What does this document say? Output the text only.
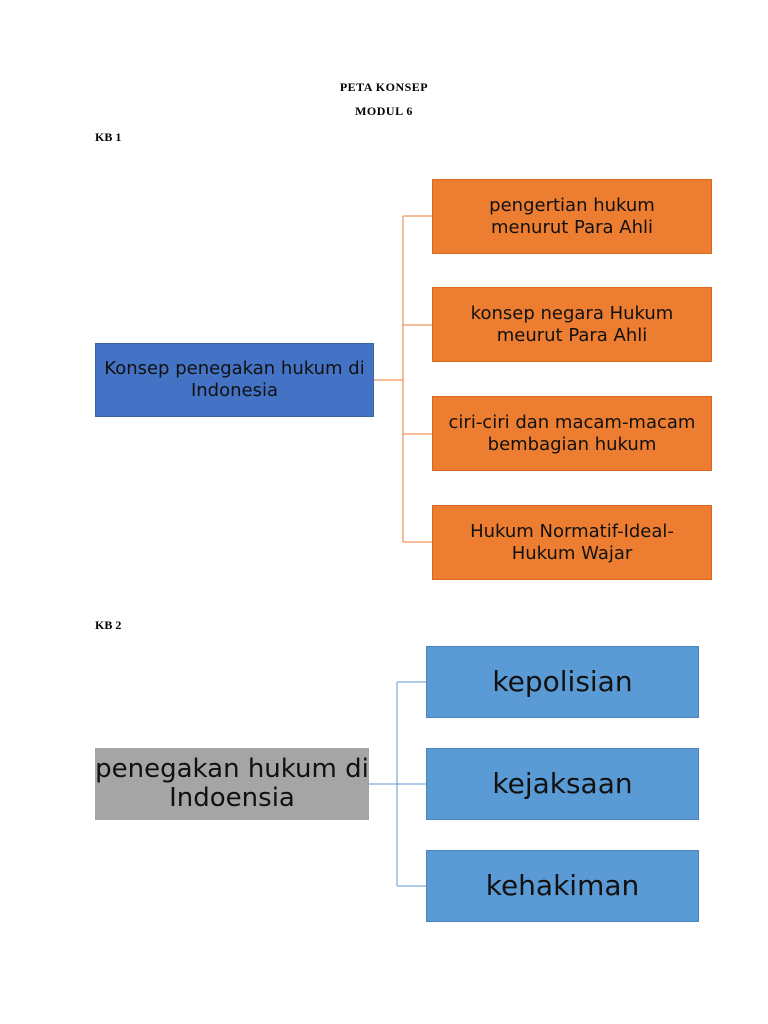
PETA KONSEP
MODUL 6
KB 1
Konsep penegakan hukum di Indonesia
pengertian hukum menurut Para Ahli
konsep negara Hukum meurut Para Ahli
ciri-ciri dan macam-macam bembagian hukum
Hukum Normatif-Ideal-Hukum Wajar
KB 2
penegakan hukum di Indoensia
kepolisian
kejaksaan
kehakiman
